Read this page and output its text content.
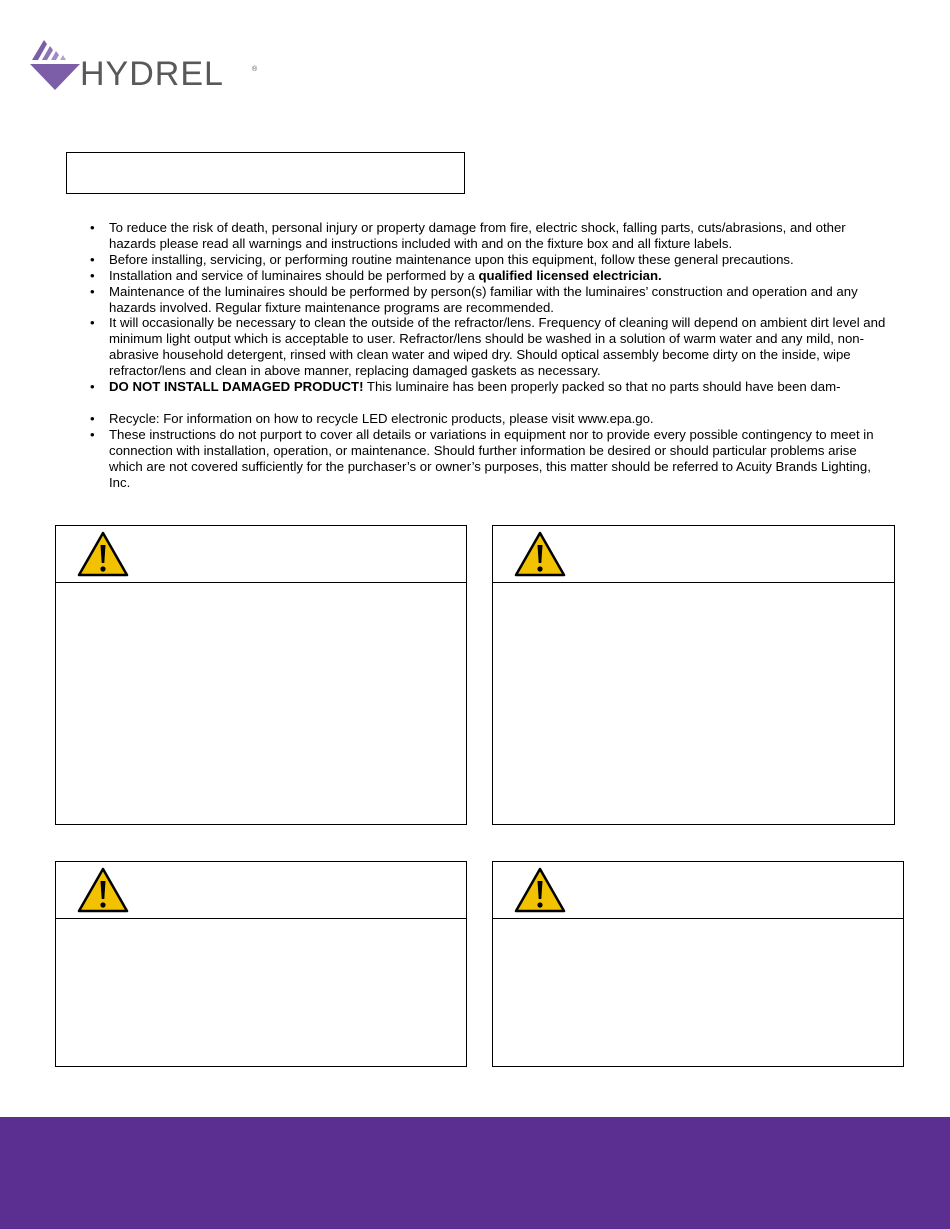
HYDREL	®
• To reduce the risk of death, personal injury or property damage from fire, electric shock, falling parts, cuts/abrasions, and other hazards please read all warnings and instructions included with and on the fixture box and all fixture labels.
• Before installing, servicing, or performing routine maintenance upon this equipment, follow these general precautions.
• Installation and service of luminaires should be performed by a qualified licensed electrician.
• Maintenance of the luminaires should be performed by person(s) familiar with the luminaires’ construction and operation and any hazards involved. Regular fixture maintenance programs are recommended.
• It will occasionally be necessary to clean the outside of the refractor/lens. Frequency of cleaning will depend on ambient dirt level and minimum light output which is acceptable to user. Refractor/lens should be washed in a solution of warm water and any mild, non-abrasive household detergent, rinsed with clean water and wiped dry. Should optical assembly become dirty on the inside, wipe refractor/lens and clean in above manner, replacing damaged gaskets as necessary.
• DO NOT INSTALL DAMAGED PRODUCT! This luminaire has been properly packed so that no parts should have been dam-
• Recycle: For information on how to recycle LED electronic products, please visit www.epa.go.
• These instructions do not purport to cover all details or variations in equipment nor to provide every possible contingency to meet in connection with installation, operation, or maintenance. Should further information be desired or should particular problems arise which are not covered sufficiently for the purchaser’s or owner’s purposes, this matter should be referred to Acuity Brands Lighting, Inc.
